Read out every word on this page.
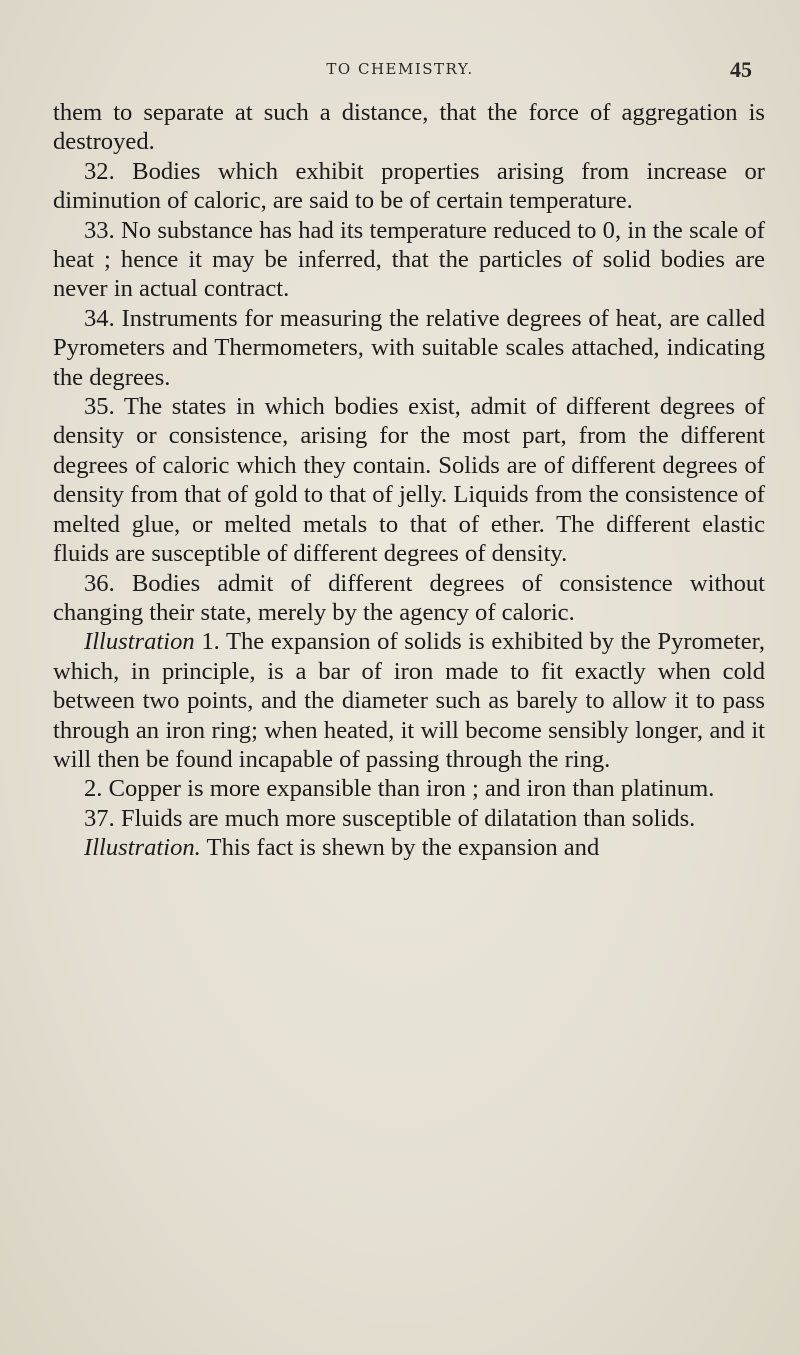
TO CHEMISTRY.	45

them to separate at such a distance, that the force of aggregation is destroyed.

32. Bodies which exhibit properties arising from increase or diminution of caloric, are said to be of certain temperature.

33. No substance has had its temperature reduced to 0, in the scale of heat ; hence it may be inferred, that the particles of solid bodies are never in actual contract.

34. Instruments for measuring the relative degrees of heat, are called Pyrometers and Thermometers, with suitable scales attached, indicating the degrees.

35. The states in which bodies exist, admit of different degrees of density or consistence, arising for the most part, from the different degrees of caloric which they contain. Solids are of different degrees of density from that of gold to that of jelly. Liquids from the consistence of melted glue, or melted metals to that of ether. The different elastic fluids are susceptible of different degrees of density.

36. Bodies admit of different degrees of consistence without changing their state, merely by the agency of caloric.

Illustration 1. The expansion of solids is exhibited by the Pyrometer, which, in principle, is a bar of iron made to fit exactly when cold between two points, and the diameter such as barely to allow it to pass through an iron ring; when heated, it will become sensibly longer, and it will then be found incapable of passing through the ring.

2. Copper is more expansible than iron ; and iron than platinum.

37. Fluids are much more susceptible of dilatation than solids.

Illustration. This fact is shewn by the expansion and
